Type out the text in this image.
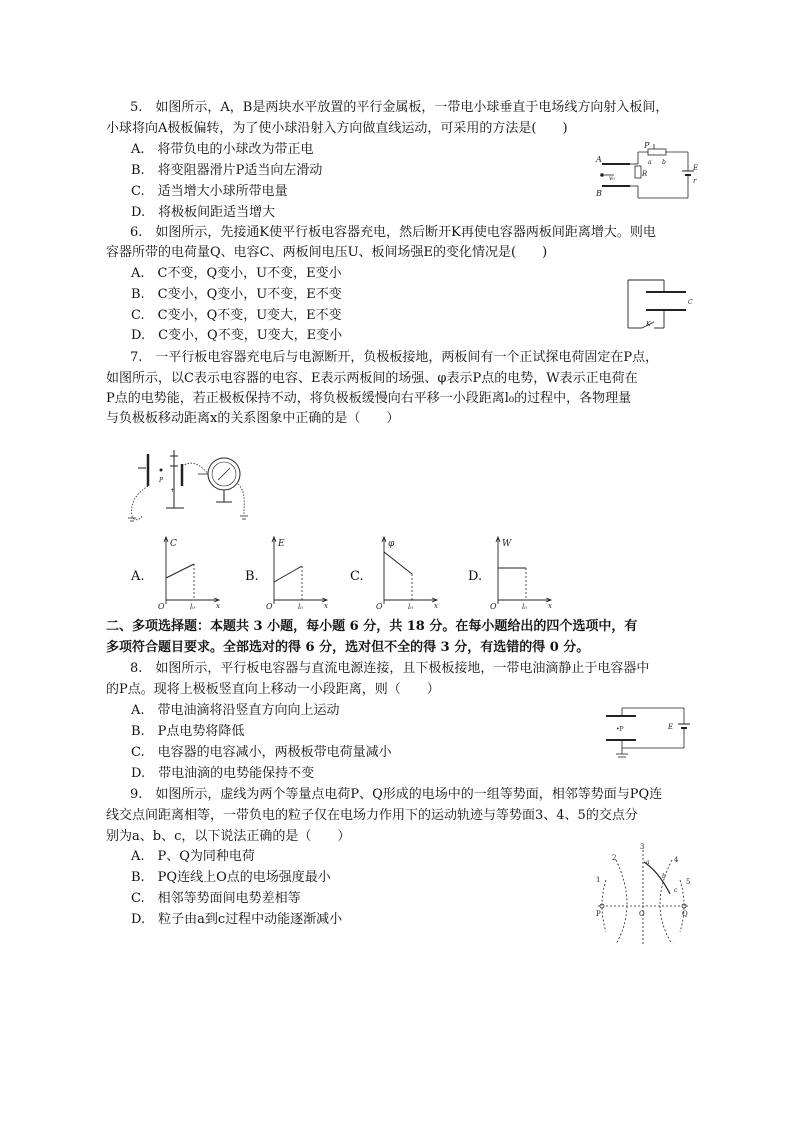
5.　如图所示，A，B是两块水平放置的平行金属板，一带电小球垂直于电场线方向射入板间，
小球将向A极板偏转，为了使小球沿射入方向做直线运动，可采用的方法是(　　)
A.　将带负电的小球改为带正电
B.　将变阻器滑片P适当向左滑动
C.　适当增大小球所带电量
D.　将极板间距适当增大
A
B
v₀
R
P
a b
E
r
6.　如图所示，先接通K使平行板电容器充电，然后断开K再使电容器两板间距离增大。则电
容器所带的电荷量Q、电容C、两板间电压U、板间场强E的变化情况是(　　)
A.　C不变，Q变小，U不变，E变小
B.　C变小，Q变小，U不变，E不变
C.　C变小，Q不变，U变大，E不变
D.　C变小，Q不变，U变大，E变小
C
K
7.　一平行板电容器充电后与电源断开，负极板接地，两板间有一个正试探电荷固定在P点，
如图所示，以C表示电容器的电容、E表示两板间的场强、φ表示P点的电势，W表示正电荷在
P点的电势能，若正极板保持不动，将负极板缓慢向右平移一小段距离l₀的过程中，各物理量
与负极板移动距离x的关系图象中正确的是（　　）
P
+
A.	B.	C.	D.
C
O	l₀	x
E
O	l₀	x
φ
O	l₀	x
W
O	l₀	x
二、多项选择题：本题共 3 小题，每小题 6 分，共 18 分。在每小题给出的四个选项中，有
多项符合题目要求。全部选对的得 6 分，选对但不全的得 3 分，有选错的得 0 分。
8.　如图所示，平行板电容器与直流电源连接，且下极板接地，一带电油滴静止于电容器中
的P点。现将上极板竖直向上移动一小段距离，则（　　）
A.　带电油滴将沿竖直方向向上运动
B.　P点电势将降低
C.　电容器的电容减小，两极板带电荷量减小
D.　带电油滴的电势能保持不变
•P	E
9.　如图所示，虚线为两个等量点电荷P、Q形成的电场中的一组等势面，相邻等势面与PQ连
线交点间距离相等，一带负电的粒子仅在电场力作用下的运动轨迹与等势面3、4、5的交点分
别为a、b、c，以下说法正确的是（　　）
A.　P、Q为同种电荷
B.　PQ连线上O点的电场强度最小
C.　相邻等势面间电势差相等
D.　粒子由a到c过程中动能逐渐减小
2
3
4
1	5
a
b
c
P	O	Q
